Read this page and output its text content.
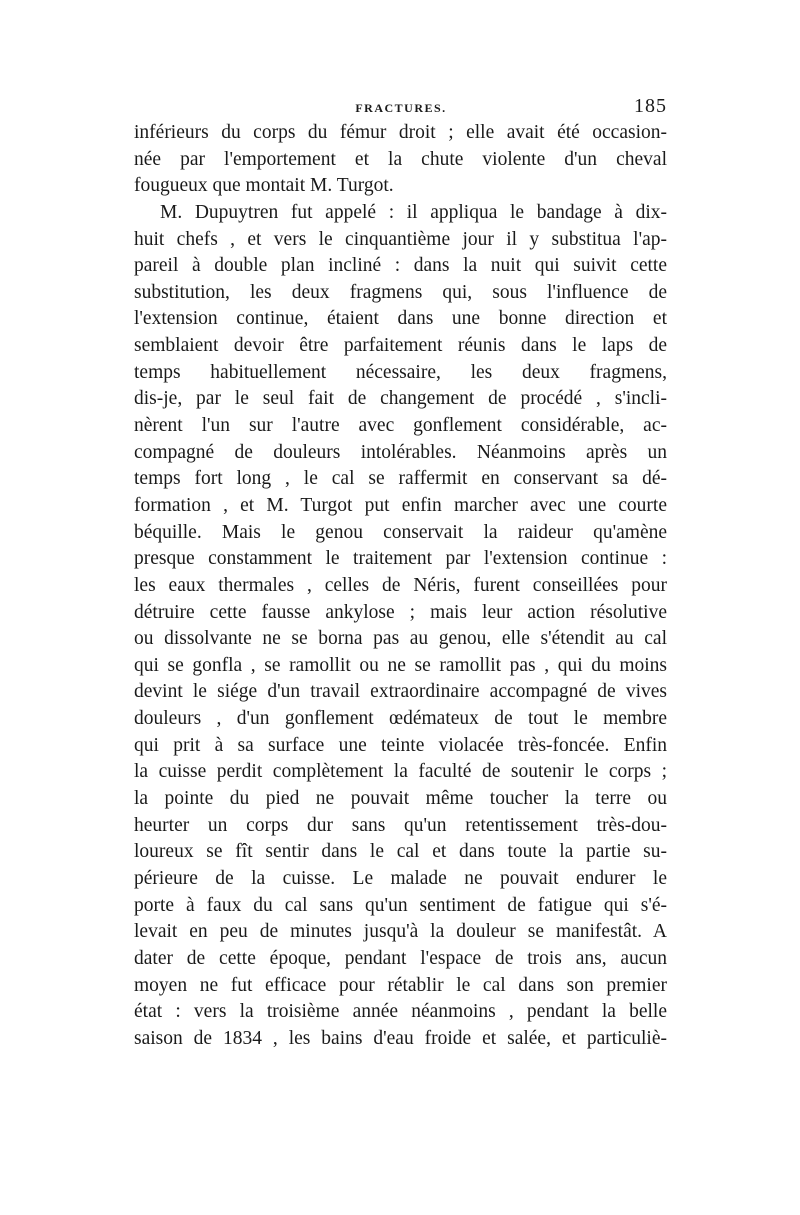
FRACTURES.	185
inférieurs du corps du fémur droit ; elle avait été occasion-
née par l'emportement et la chute violente d'un cheval
fougueux que montait M. Turgot.
M. Dupuytren fut appelé : il appliqua le bandage à dix-
huit chefs , et vers le cinquantième jour il y substitua l'ap-
pareil à double plan incliné : dans la nuit qui suivit cette
substitution, les deux fragmens qui, sous l'influence de
l'extension continue, étaient dans une bonne direction et
semblaient devoir être parfaitement réunis dans le laps de
temps habituellement nécessaire, les deux fragmens,
dis-je, par le seul fait de changement de procédé , s'incli-
nèrent l'un sur l'autre avec gonflement considérable, ac-
compagné de douleurs intolérables. Néanmoins après un
temps fort long , le cal se raffermit en conservant sa dé-
formation , et M. Turgot put enfin marcher avec une courte
béquille. Mais le genou conservait la raideur qu'amène
presque constamment le traitement par l'extension continue :
les eaux thermales , celles de Néris, furent conseillées pour
détruire cette fausse ankylose ; mais leur action résolutive
ou dissolvante ne se borna pas au genou, elle s'étendit au cal
qui se gonfla , se ramollit ou ne se ramollit pas , qui du moins
devint le siége d'un travail extraordinaire accompagné de vives
douleurs , d'un gonflement œdémateux de tout le membre
qui prit à sa surface une teinte violacée très-foncée. Enfin
la cuisse perdit complètement la faculté de soutenir le corps ;
la pointe du pied ne pouvait même toucher la terre ou
heurter un corps dur sans qu'un retentissement très-dou-
loureux se fît sentir dans le cal et dans toute la partie su-
périeure de la cuisse. Le malade ne pouvait endurer le
porte à faux du cal sans qu'un sentiment de fatigue qui s'é-
levait en peu de minutes jusqu'à la douleur se manifestât. A
dater de cette époque, pendant l'espace de trois ans, aucun
moyen ne fut efficace pour rétablir le cal dans son premier
état : vers la troisième année néanmoins , pendant la belle
saison de 1834 , les bains d'eau froide et salée, et particuliè-
